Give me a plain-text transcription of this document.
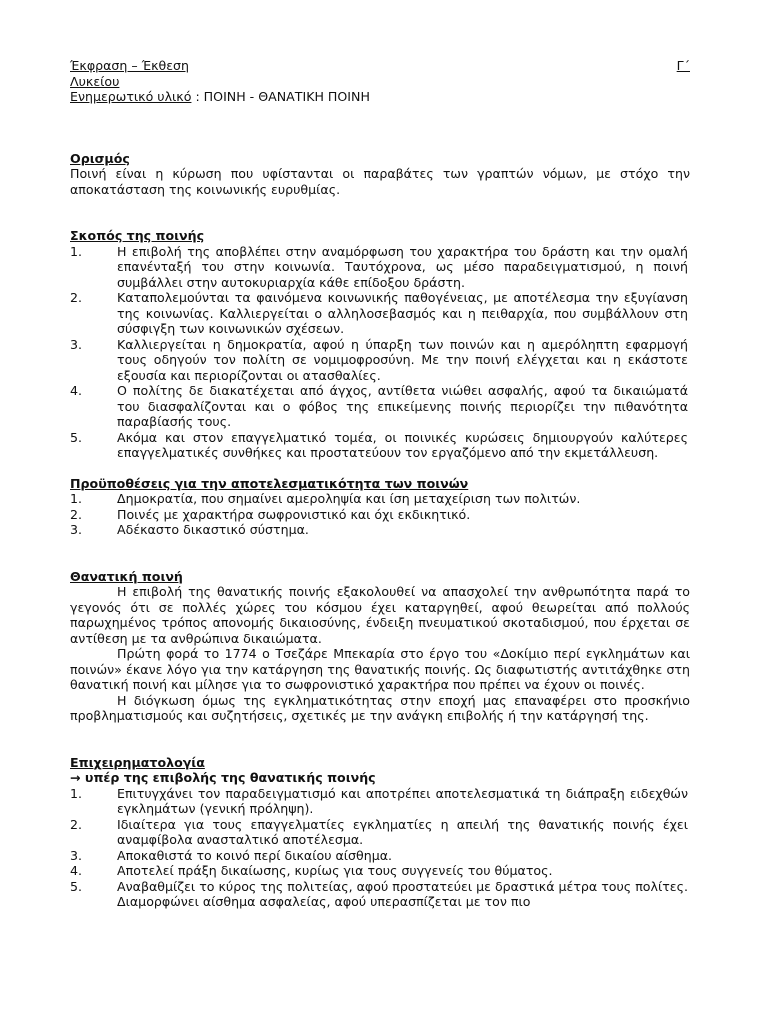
Έκφραση – Έκθεση	Γ΄
Λυκείου
Ενημερωτικό υλικό : ΠΟΙΝΗ - ΘΑΝΑΤΙΚΗ ΠΟΙΝΗ
Ορισμός
Ποινή είναι η κύρωση που υφίστανται οι παραβάτες των γραπτών νόμων, με στόχο την αποκατάσταση της κοινωνικής ευρυθμίας.
Σκοπός της ποινής
1.	Η επιβολή της αποβλέπει στην αναμόρφωση του χαρακτήρα του δράστη και την ομαλή επανένταξή του στην κοινωνία. Ταυτόχρονα, ως μέσο παραδειγματισμού, η ποινή συμβάλλει στην αυτοκυριαρχία κάθε επίδοξου δράστη.
2.	Καταπολεμούνται τα φαινόμενα κοινωνικής παθογένειας, με αποτέλεσμα την εξυγίανση της κοινωνίας. Καλλιεργείται ο αλληλοσεβασμός και η πειθαρχία, που συμβάλλουν στη σύσφιγξη των κοινωνικών σχέσεων.
3.	Καλλιεργείται η δημοκρατία, αφού η ύπαρξη των ποινών και η αμερόληπτη εφαρμογή τους οδηγούν τον πολίτη σε νομιμοφροσύνη. Με την ποινή ελέγχεται και η εκάστοτε εξουσία και περιορίζονται οι ατασθαλίες.
4.	Ο πολίτης δε διακατέχεται από άγχος, αντίθετα νιώθει ασφαλής, αφού τα δικαιώματά του διασφαλίζονται και ο φόβος της επικείμενης ποινής περιορίζει την πιθανότητα παραβίασής τους.
5.	Ακόμα και στον επαγγελματικό τομέα, οι ποινικές κυρώσεις δημιουργούν καλύτερες επαγγελματικές συνθήκες και προστατεύουν τον εργαζόμενο από την εκμετάλλευση.
Προϋποθέσεις για την αποτελεσματικότητα των ποινών
1.	Δημοκρατία, που σημαίνει αμεροληψία και ίση μεταχείριση των πολιτών.
2.	Ποινές με χαρακτήρα σωφρονιστικό και όχι εκδικητικό.
3.	Αδέκαστο δικαστικό σύστημα.
Θανατική ποινή
Η επιβολή της θανατικής ποινής εξακολουθεί να απασχολεί την ανθρωπότητα παρά το γεγονός ότι σε πολλές χώρες του κόσμου έχει καταργηθεί, αφού θεωρείται από πολλούς παρωχημένος τρόπος απονομής δικαιοσύνης, ένδειξη πνευματικού σκοταδισμού, που έρχεται σε αντίθεση με τα ανθρώπινα δικαιώματα.
Πρώτη φορά το 1774 ο Τσεζάρε Μπεκαρία στο έργο του «Δοκίμιο περί εγκλημάτων και ποινών» έκανε λόγο για την κατάργηση της θανατικής ποινής. Ως διαφωτιστής αντιτάχθηκε στη θανατική ποινή και μίλησε για το σωφρονιστικό χαρακτήρα που πρέπει να έχουν οι ποινές.
Η διόγκωση όμως της εγκληματικότητας στην εποχή μας επαναφέρει στο προσκήνιο προβληματισμούς και συζητήσεις, σχετικές με την ανάγκη επιβολής ή την κατάργησή της.
Επιχειρηματολογία
→ υπέρ της επιβολής της θανατικής ποινής
1.	Επιτυγχάνει τον παραδειγματισμό και αποτρέπει αποτελεσματικά τη διάπραξη ειδεχθών εγκλημάτων (γενική πρόληψη).
2.	Ιδιαίτερα για τους επαγγελματίες εγκληματίες η απειλή της θανατικής ποινής έχει αναμφίβολα ανασταλτικό αποτέλεσμα.
3.	Αποκαθιστά το κοινό περί δικαίου αίσθημα.
4.	Αποτελεί πράξη δικαίωσης, κυρίως για τους συγγενείς του θύματος.
5.	Αναβαθμίζει το κύρος της πολιτείας, αφού προστατεύει με δραστικά μέτρα τους πολίτες. Διαμορφώνει αίσθημα ασφαλείας, αφού υπερασπίζεται με τον πιο
